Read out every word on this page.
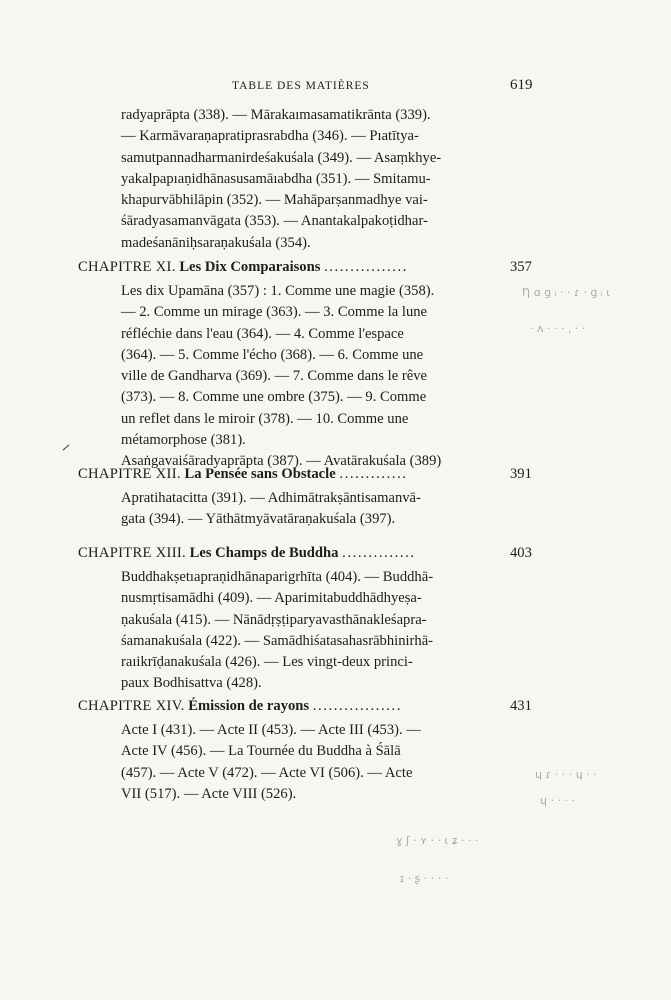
TABLE DES MATIÈRES	619
radyaprāpta (338). — Mārakaımasamatikrānta (339).
— Karmāvaraṇapratiprasrabdha (346). — Pıatītya-
samutpannadharmanirdeśakuśala (349). — Asaṃkhye-
yakalpapıaṇidhānasusamāıabdha (351). — Smitamu-
khapurvābhilāpin (352). — Mahāparṣanmadhye vai-
śāradyasamanvāgata (353). — Anantakalpakoṭidhar-
madeśanāniḥsaraṇakuśala (354).
CHAPITRE XI. Les Dix Comparaisons ................	357
Les dix Upamāna (357) : 1. Comme une magie (358).
— 2. Comme un mirage (363). — 3. Comme la lune
réfléchie dans l'eau (364). — 4. Comme l'espace
(364). — 5. Comme l'écho (368). — 6. Comme une
ville de Gandharva (369). — 7. Comme dans le rêve
(373). — 8. Comme une ombre (375). — 9. Comme
un reflet dans le miroir (378). — 10. Comme une
métamorphose (381).
Asaṅgavaiśāradyaprāpta (387). — Avatārakuśala (389)
CHAPITRE XII. La Pensée sans Obstacle .............	391
Apratihatacitta (391). — Adhimātrakṣāntisamanvā-
gata (394). — Yāthātmyāvatāraṇakuśala (397).
CHAPITRE XIII. Les Champs de Buddha ..............	403
Buddhakṣetıapraṇidhānaparigrhīta (404). — Buddhā-
nusmṛtisamādhi (409). — Aparimitabuddhādhyeṣa-
ṇakuśala (415). — Nānādṛṣṭiparyavasthānakleśapra-
śamanakuśala (422). — Samādhiśatasahasrābhinirhā-
raıikrīḍanakuśala (426). — Les vingt-deux princi-
paux Bodhisattva (428).
CHAPITRE XIV. Émission de rayons .................	431
Acte I (431). — Acte II (453). — Acte III (453). —
Acte IV (456). — La Tournée du Buddha à Śālā
(457). — Acte V (472). — Acte VI (506). — Acte
VII (517). — Acte VIII (526).
Ƞ ɑ ɡ ᵢ · · ɾ · ɡ ᵢ ɩ
· ʌ · · · ˌ · ·
ɥ ɾ · · · ɥ · ·
ɥ · · · ·
ɣ ʃ · ʏ · · ɩ ʑ · · ·
ɪ · ʂ · · · ·
